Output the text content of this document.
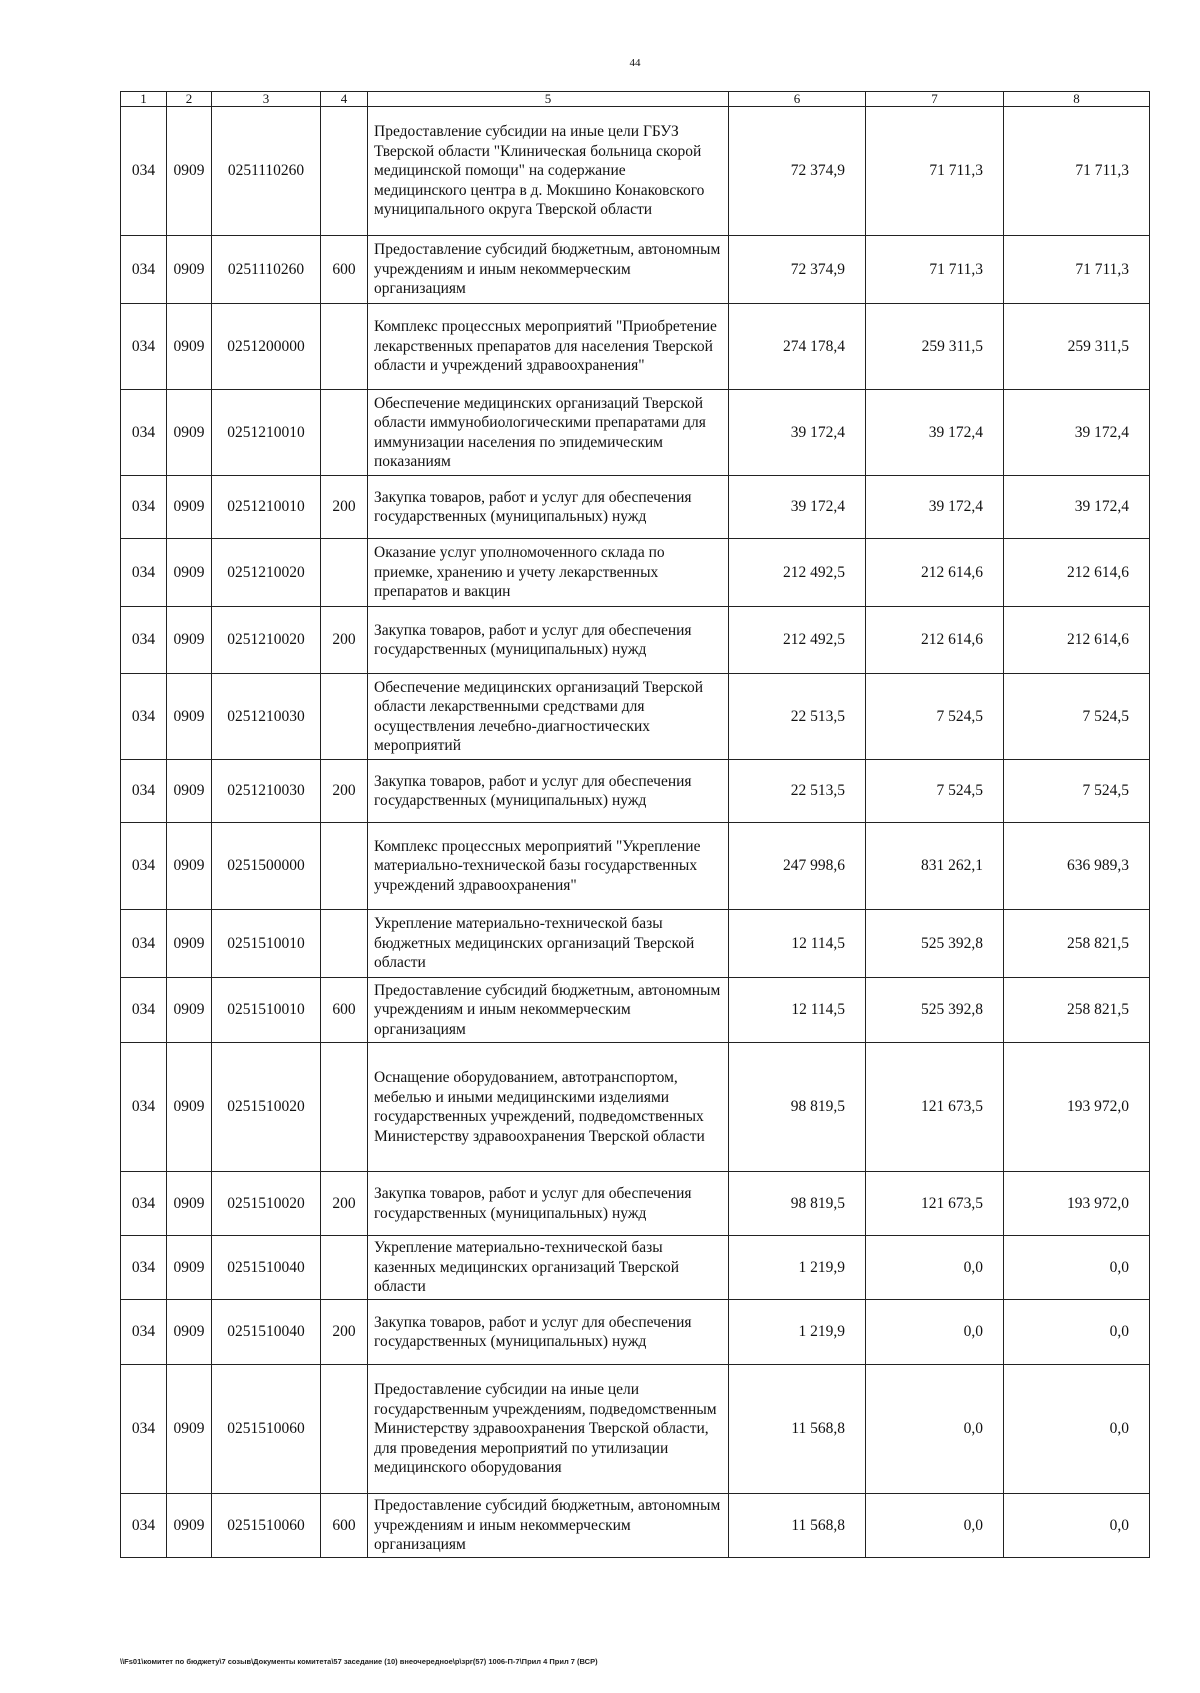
44
1	2	3	4	5	6	7	8
034	0909	0251110260		Предоставление субсидии на иные цели ГБУЗ Тверской области "Клиническая больница скорой медицинской помощи" на содержание медицинского центра в д. Мокшино Конаковского муниципального округа Тверской области	72 374,9	71 711,3	71 711,3
034	0909	0251110260	600	Предоставление субсидий бюджетным, автономным учреждениям и иным некоммерческим организациям	72 374,9	71 711,3	71 711,3
034	0909	0251200000		Комплекс процессных мероприятий "Приобретение лекарственных препаратов для населения Тверской области и учреждений здравоохранения"	274 178,4	259 311,5	259 311,5
034	0909	0251210010		Обеспечение медицинских организаций Тверской области иммунобиологическими препаратами для иммунизации населения по эпидемическим показаниям	39 172,4	39 172,4	39 172,4
034	0909	0251210010	200	Закупка товаров, работ и услуг для обеспечения государственных (муниципальных) нужд	39 172,4	39 172,4	39 172,4
034	0909	0251210020		Оказание услуг уполномоченного склада по приемке, хранению и учету лекарственных препаратов и вакцин	212 492,5	212 614,6	212 614,6
034	0909	0251210020	200	Закупка товаров, работ и услуг для обеспечения государственных (муниципальных) нужд	212 492,5	212 614,6	212 614,6
034	0909	0251210030		Обеспечение медицинских организаций Тверской области лекарственными средствами для осуществления лечебно-диагностических мероприятий	22 513,5	7 524,5	7 524,5
034	0909	0251210030	200	Закупка товаров, работ и услуг для обеспечения государственных (муниципальных) нужд	22 513,5	7 524,5	7 524,5
034	0909	0251500000		Комплекс процессных мероприятий "Укрепление материально-технической базы государственных учреждений здравоохранения"	247 998,6	831 262,1	636 989,3
034	0909	0251510010		Укрепление материально-технической базы бюджетных медицинских организаций Тверской области	12 114,5	525 392,8	258 821,5
034	0909	0251510010	600	Предоставление субсидий бюджетным, автономным учреждениям и иным некоммерческим организациям	12 114,5	525 392,8	258 821,5
034	0909	0251510020		Оснащение оборудованием, автотранспортом, мебелью и иными медицинскими изделиями государственных учреждений, подведомственных Министерству здравоохранения Тверской области	98 819,5	121 673,5	193 972,0
034	0909	0251510020	200	Закупка товаров, работ и услуг для обеспечения государственных (муниципальных) нужд	98 819,5	121 673,5	193 972,0
034	0909	0251510040		Укрепление материально-технической базы казенных медицинских организаций Тверской области	1 219,9	0,0	0,0
034	0909	0251510040	200	Закупка товаров, работ и услуг для обеспечения государственных (муниципальных) нужд	1 219,9	0,0	0,0
034	0909	0251510060		Предоставление субсидии на иные цели государственным учреждениям, подведомственным Министерству здравоохранения Тверской области, для проведения мероприятий по утилизации медицинского оборудования	11 568,8	0,0	0,0
034	0909	0251510060	600	Предоставление субсидий бюджетным, автономным учреждениям и иным некоммерческим организациям	11 568,8	0,0	0,0
\\Fs01\комитет по бюджету\7 созыв\Документы комитета\57 заседание (10) внеочередное\р\зрг(57) 1006-П-7\Прил 4 Прил 7 (ВСР)
